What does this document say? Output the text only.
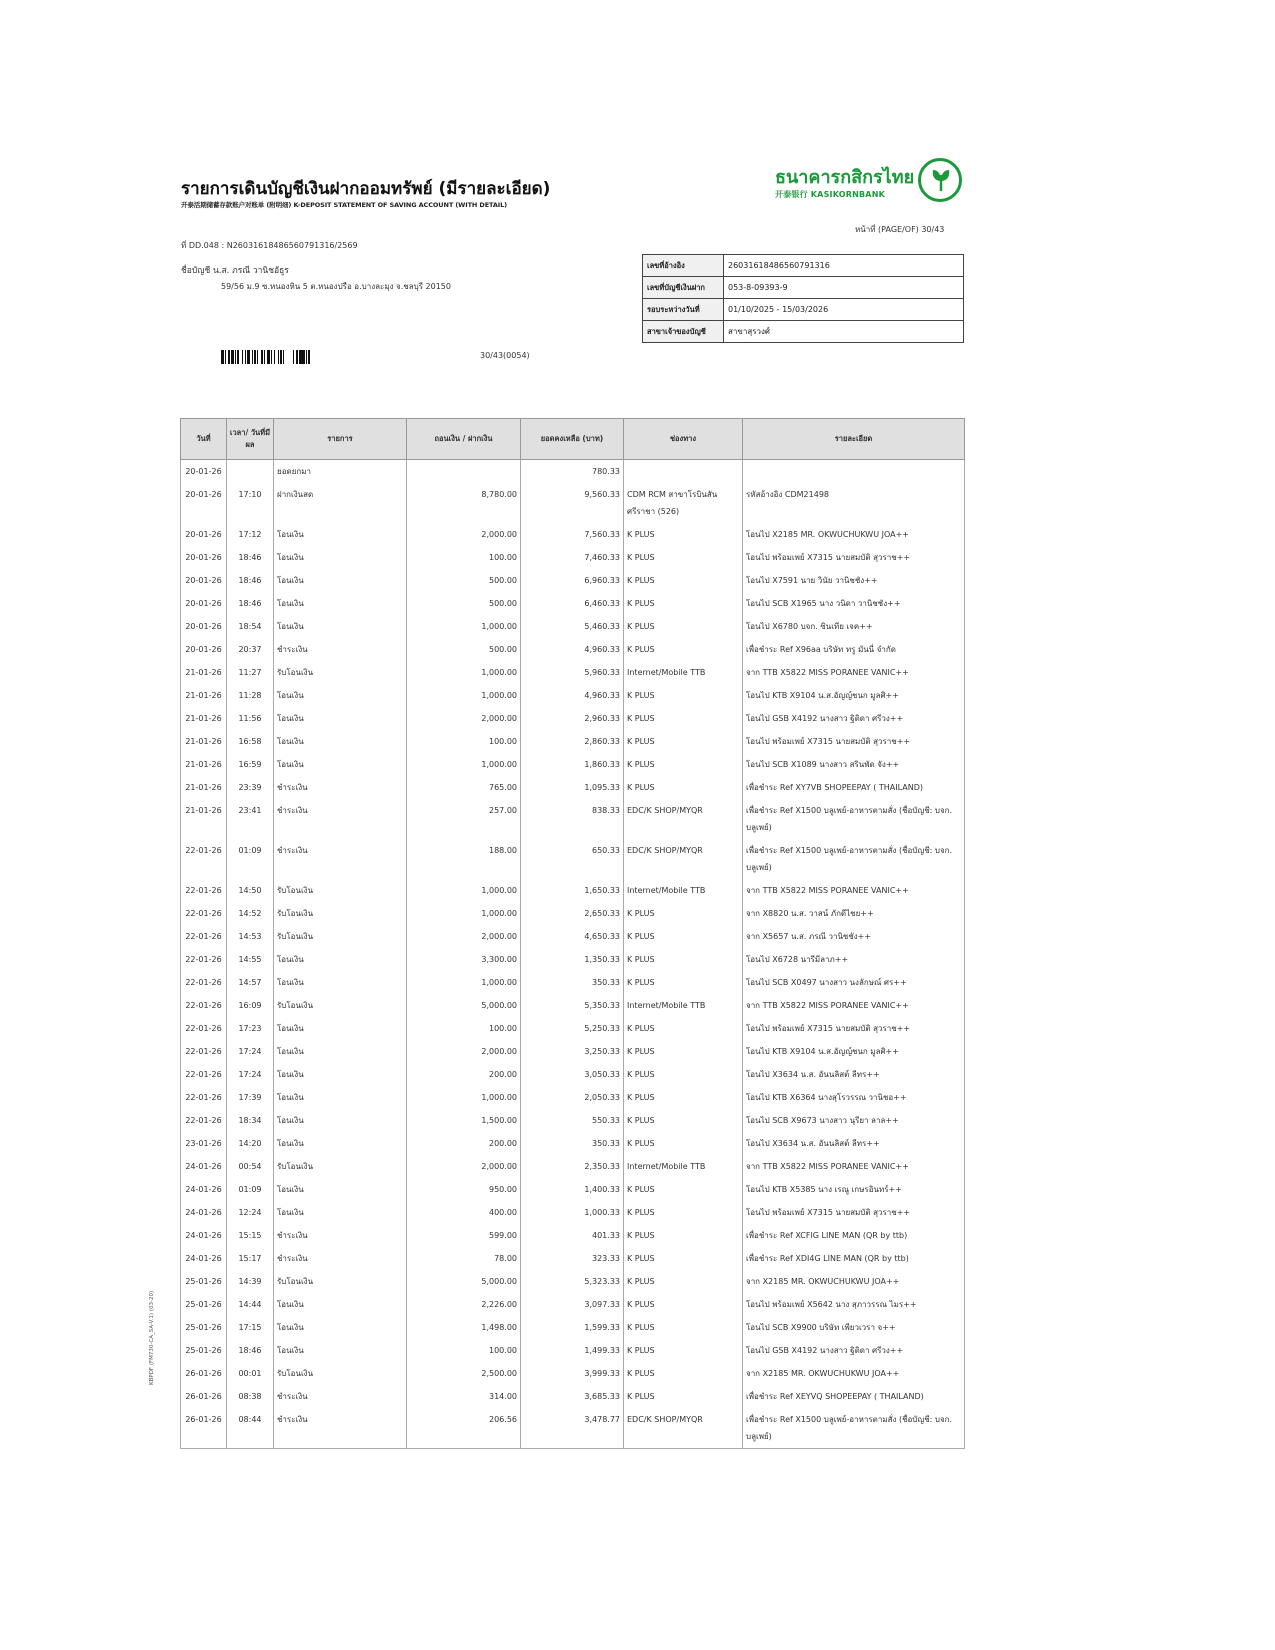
รายการเดินบัญชีเงินฝากออมทรัพย์ (มีรายละเอียด)
开泰活期储蓄存款账户对账单 (附明细) K-DEPOSIT STATEMENT OF SAVING ACCOUNT (WITH DETAIL)
ธนาคารกสิกรไทย
开泰银行 KASIKORNBANK
หน้าที่ (PAGE/OF) 30/43
ที่ DD.048 : N26031618486560791316/2569
ชื่อบัญชี น.ส. ภรณี วานิชอัธูร
59/56 ม.9 ซ.หนองหิน 5 ต.หนองปรือ อ.บางละมุง จ.ชลบุรี 20150
เลขที่อ้างอิง	26031618486560791316
เลขที่บัญชีเงินฝาก	053-8-09393-9
รอบระหว่างวันที่	01/10/2025 - 15/03/2026
สาขาเจ้าของบัญชี	สาขาสุรวงศ์
30/43(0054)
KBPDF (FM730-CA_SA-V.1) (03-20)
วันที่	เวลา/ วันที่มีผล	รายการ	ถอนเงิน / ฝากเงิน	ยอดคงเหลือ (บาท)	ช่องทาง	รายละเอียด
20-01-26		ยอดยกมา		780.33		
20-01-26	17:10	ฝากเงินสด	8,780.00	9,560.33	CDM RCM สาขาโรบินสัน ศรีราชา (526)	รหัสอ้างอิง CDM21498
20-01-26	17:12	โอนเงิน	2,000.00	7,560.33	K PLUS	โอนไป X2185 MR. OKWUCHUKWU JOA++
20-01-26	18:46	โอนเงิน	100.00	7,460.33	K PLUS	โอนไป พร้อมเพย์ X7315 นายสมบัติ สุวราช++
20-01-26	18:46	โอนเงิน	500.00	6,960.33	K PLUS	โอนไป X7591 นาย วินัย วานิชชัง++
20-01-26	18:46	โอนเงิน	500.00	6,460.33	K PLUS	โอนไป SCB X1965 นาง วนิดา วานิชชัง++
20-01-26	18:54	โอนเงิน	1,000.00	5,460.33	K PLUS	โอนไป X6780 บจก. ซินเทีย เจค++
20-01-26	20:37	ชำระเงิน	500.00	4,960.33	K PLUS	เพื่อชำระ Ref X96aa บริษัท ทรู มันนี่ จำกัด
21-01-26	11:27	รับโอนเงิน	1,000.00	5,960.33	Internet/Mobile TTB	จาก TTB X5822 MISS PORANEE VANIC++
21-01-26	11:28	โอนเงิน	1,000.00	4,960.33	K PLUS	โอนไป KTB X9104 น.ส.อัญญ์ชนก มูลศิ++
21-01-26	11:56	โอนเงิน	2,000.00	2,960.33	K PLUS	โอนไป GSB X4192 นางสาว ฐิติดา ศรีวง++
21-01-26	16:58	โอนเงิน	100.00	2,860.33	K PLUS	โอนไป พร้อมเพย์ X7315 นายสมบัติ สุวราช++
21-01-26	16:59	โอนเงิน	1,000.00	1,860.33	K PLUS	โอนไป SCB X1089 นางสาว สรินพัด จัง++
21-01-26	23:39	ชำระเงิน	765.00	1,095.33	K PLUS	เพื่อชำระ Ref XY7VB SHOPEEPAY ( THAILAND)
21-01-26	23:41	ชำระเงิน	257.00	838.33	EDC/K SHOP/MYQR	เพื่อชำระ Ref X1500 บลูเพย์-อาหารตามสั่ง (ชื่อบัญชี: บจก. บลูเพย์)
22-01-26	01:09	ชำระเงิน	188.00	650.33	EDC/K SHOP/MYQR	เพื่อชำระ Ref X1500 บลูเพย์-อาหารตามสั่ง (ชื่อบัญชี: บจก. บลูเพย์)
22-01-26	14:50	รับโอนเงิน	1,000.00	1,650.33	Internet/Mobile TTB	จาก TTB X5822 MISS PORANEE VANIC++
22-01-26	14:52	รับโอนเงิน	1,000.00	2,650.33	K PLUS	จาก X8820 น.ส. วาสน์ ภักดีไชย++
22-01-26	14:53	รับโอนเงิน	2,000.00	4,650.33	K PLUS	จาก X5657 น.ส. ภรณี วานิชชัง++
22-01-26	14:55	โอนเงิน	3,300.00	1,350.33	K PLUS	โอนไป X6728 นารีมีลาภ++
22-01-26	14:57	โอนเงิน	1,000.00	350.33	K PLUS	โอนไป SCB X0497 นางสาว นงลักษณ์ ศร++
22-01-26	16:09	รับโอนเงิน	5,000.00	5,350.33	Internet/Mobile TTB	จาก TTB X5822 MISS PORANEE VANIC++
22-01-26	17:23	โอนเงิน	100.00	5,250.33	K PLUS	โอนไป พร้อมเพย์ X7315 นายสมบัติ สุวราช++
22-01-26	17:24	โอนเงิน	2,000.00	3,250.33	K PLUS	โอนไป KTB X9104 น.ส.อัญญ์ชนก มูลศิ++
22-01-26	17:24	โอนเงิน	200.00	3,050.33	K PLUS	โอนไป X3634 น.ส. อันนลิสต์ ลีทร++
22-01-26	17:39	โอนเงิน	1,000.00	2,050.33	K PLUS	โอนไป KTB X6364 นางสุโรวรรณ วานิชอ++
22-01-26	18:34	โอนเงิน	1,500.00	550.33	K PLUS	โอนไป SCB X9673 นางสาว นุรียา ลาล++
23-01-26	14:20	โอนเงิน	200.00	350.33	K PLUS	โอนไป X3634 น.ส. อันนลิสต์ ลีทร++
24-01-26	00:54	รับโอนเงิน	2,000.00	2,350.33	Internet/Mobile TTB	จาก TTB X5822 MISS PORANEE VANIC++
24-01-26	01:09	โอนเงิน	950.00	1,400.33	K PLUS	โอนไป KTB X5385 นาง เรณู เกษรอินทร์++
24-01-26	12:24	โอนเงิน	400.00	1,000.33	K PLUS	โอนไป พร้อมเพย์ X7315 นายสมบัติ สุวราช++
24-01-26	15:15	ชำระเงิน	599.00	401.33	K PLUS	เพื่อชำระ Ref XCFIG LINE MAN (QR by ttb)
24-01-26	15:17	ชำระเงิน	78.00	323.33	K PLUS	เพื่อชำระ Ref XDI4G LINE MAN (QR by ttb)
25-01-26	14:39	รับโอนเงิน	5,000.00	5,323.33	K PLUS	จาก X2185 MR. OKWUCHUKWU JOA++
25-01-26	14:44	โอนเงิน	2,226.00	3,097.33	K PLUS	โอนไป พร้อมเพย์ X5642 นาง สุภาวรรณ ไมร++
25-01-26	17:15	โอนเงิน	1,498.00	1,599.33	K PLUS	โอนไป SCB X9900 บริษัท เพียวเวรา จ++
25-01-26	18:46	โอนเงิน	100.00	1,499.33	K PLUS	โอนไป GSB X4192 นางสาว ฐิติดา ศรีวง++
26-01-26	00:01	รับโอนเงิน	2,500.00	3,999.33	K PLUS	จาก X2185 MR. OKWUCHUKWU JOA++
26-01-26	08:38	ชำระเงิน	314.00	3,685.33	K PLUS	เพื่อชำระ Ref XEYVQ SHOPEEPAY ( THAILAND)
26-01-26	08:44	ชำระเงิน	206.56	3,478.77	EDC/K SHOP/MYQR	เพื่อชำระ Ref X1500 บลูเพย์-อาหารตามสั่ง (ชื่อบัญชี: บจก. บลูเพย์)
